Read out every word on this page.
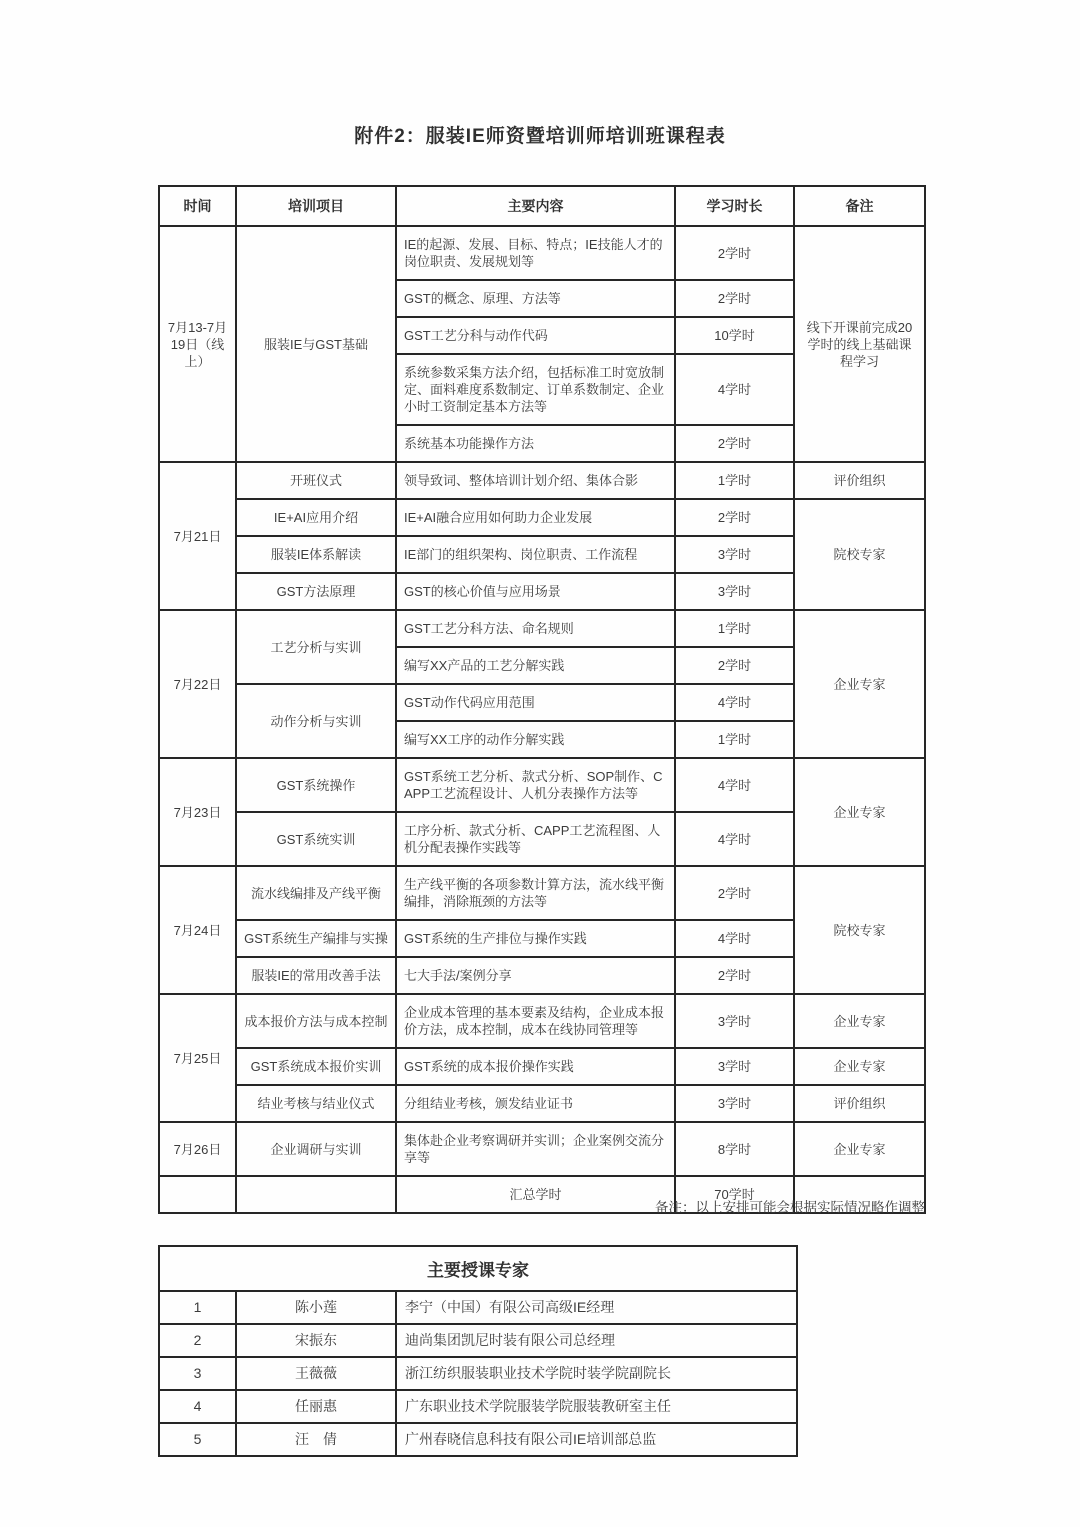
附件2：服装IE师资暨培训师培训班课程表
时间	培训项目	主要内容	学习时长	备注
7月13-7月19日（线上）	服装IE与GST基础	IE的起源、发展、目标、特点；IE技能人才的岗位职责、发展规划等	2学时	线下开课前完成20学时的线上基础课程学习
		GST的概念、原理、方法等	2学时	
		GST工艺分科与动作代码	10学时	
		系统参数采集方法介绍，包括标准工时宽放制定、面料难度系数制定、订单系数制定、企业小时工资制定基本方法等	4学时	
		系统基本功能操作方法	2学时	
7月21日	开班仪式	领导致词、整体培训计划介绍、集体合影	1学时	评价组织
	IE+AI应用介绍	IE+AI融合应用如何助力企业发展	2学时	院校专家
	服装IE体系解读	IE部门的组织架构、岗位职责、工作流程	3学时	
	GST方法原理	GST的核心价值与应用场景	3学时	
7月22日	工艺分析与实训	GST工艺分科方法、命名规则	1学时	企业专家
		编写XX产品的工艺分解实践	2学时	
	动作分析与实训	GST动作代码应用范围	4学时	
		编写XX工序的动作分解实践	1学时	
7月23日	GST系统操作	GST系统工艺分析、款式分析、SOP制作、CAPP工艺流程设计、人机分表操作方法等	4学时	企业专家
	GST系统实训	工序分析、款式分析、CAPP工艺流程图、人机分配表操作实践等	4学时	
7月24日	流水线编排及产线平衡	生产线平衡的各项参数计算方法，流水线平衡编排，消除瓶颈的方法等	2学时	院校专家
	GST系统生产编排与实操	GST系统的生产排位与操作实践	4学时	
	服装IE的常用改善手法	七大手法/案例分享	2学时	
7月25日	成本报价方法与成本控制	企业成本管理的基本要素及结构，企业成本报价方法，成本控制，成本在线协同管理等	3学时	企业专家
	GST系统成本报价实训	GST系统的成本报价操作实践	3学时	企业专家
	结业考核与结业仪式	分组结业考核，颁发结业证书	3学时	评价组织
7月26日	企业调研与实训	集体赴企业考察调研并实训；企业案例交流分享等	8学时	企业专家
		汇总学时	70学时	
备注：以上安排可能会根据实际情况略作调整
主要授课专家		
1	陈小莲	李宁（中国）有限公司高级IE经理
2	宋振东	迪尚集团凯尼时装有限公司总经理
3	王薇薇	浙江纺织服装职业技术学院时装学院副院长
4	任丽惠	广东职业技术学院服装学院服装教研室主任
5	汪　倩	广州春晓信息科技有限公司IE培训部总监
